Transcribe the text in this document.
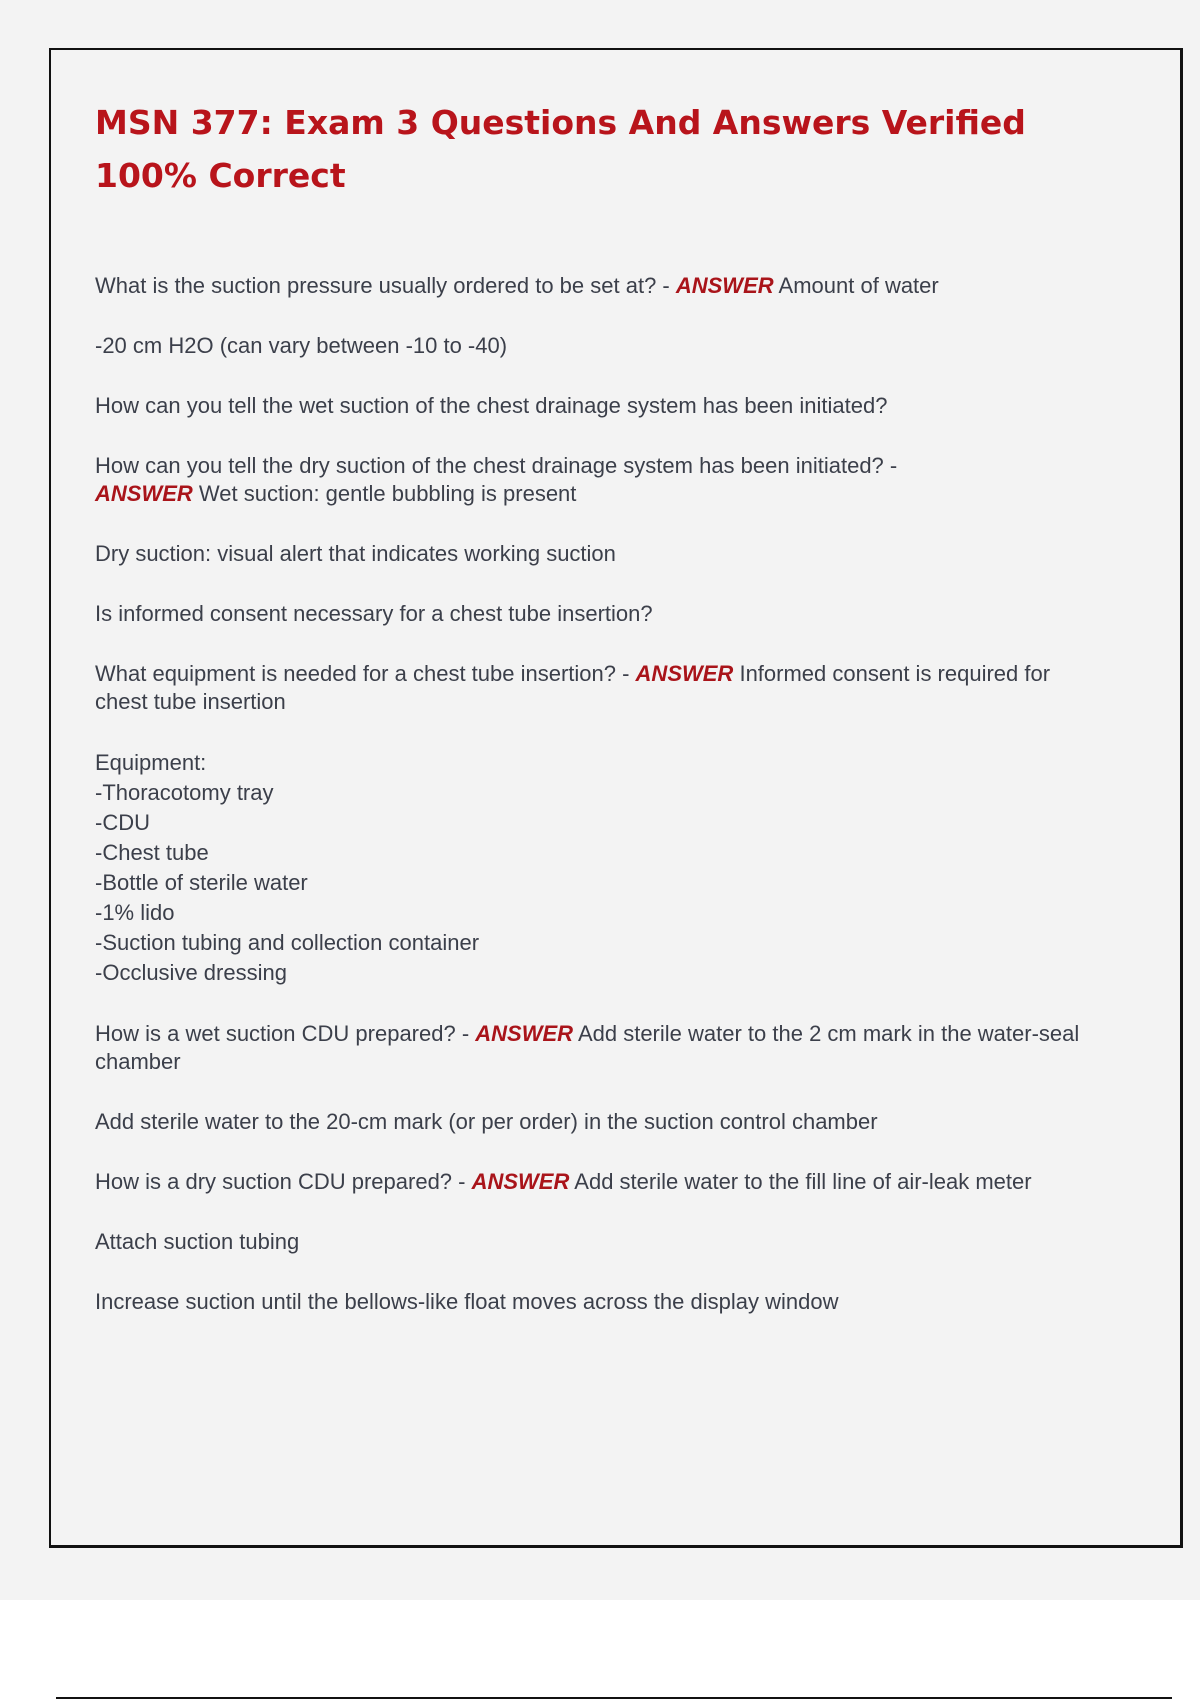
MSN 377: Exam 3 Questions And Answers Verified 100% Correct

What is the suction pressure usually ordered to be set at? - ANSWER Amount of water

-20 cm H2O (can vary between -10 to -40)

How can you tell the wet suction of the chest drainage system has been initiated?

How can you tell the dry suction of the chest drainage system has been initiated? -
ANSWER Wet suction: gentle bubbling is present

Dry suction: visual alert that indicates working suction

Is informed consent necessary for a chest tube insertion?

What equipment is needed for a chest tube insertion? - ANSWER Informed consent is required for chest tube insertion

Equipment:
-Thoracotomy tray
-CDU
-Chest tube
-Bottle of sterile water
-1% lido
-Suction tubing and collection container
-Occlusive dressing

How is a wet suction CDU prepared? - ANSWER Add sterile water to the 2 cm mark in the water-seal chamber

Add sterile water to the 20-cm mark (or per order) in the suction control chamber

How is a dry suction CDU prepared? - ANSWER Add sterile water to the fill line of air-leak meter

Attach suction tubing

Increase suction until the bellows-like float moves across the display window
